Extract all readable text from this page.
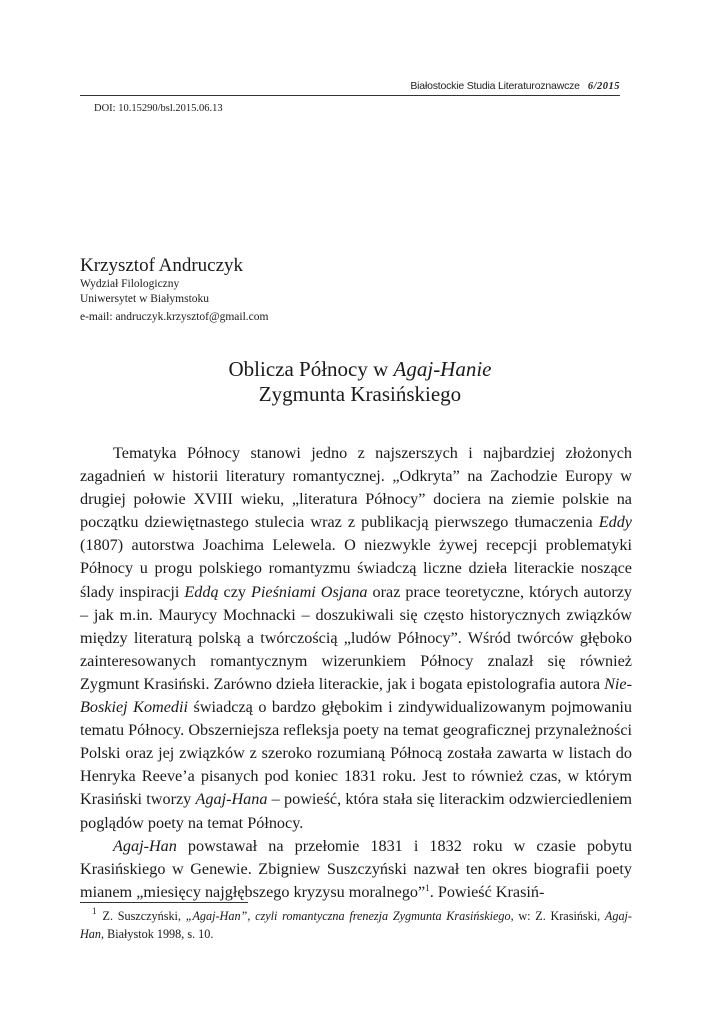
Białostockie Studia Literaturoznawcze 6/2015
DOI: 10.15290/bsl.2015.06.13
Krzysztof Andruczyk
Wydział Filologiczny
Uniwersytet w Białymstoku
e-mail: andruczyk.krzysztof@gmail.com
Oblicza Północy w Agaj-Hanie
Zygmunta Krasińskiego

Tematyka Północy stanowi jedno z najszerszych i najbardziej złożonych zagadnień w historii literatury romantycznej. „Odkryta” na Zachodzie Europy w drugiej połowie XVIII wieku, „literatura Północy” dociera na ziemie polskie na początku dziewiętnastego stulecia wraz z publikacją pierwszego tłumaczenia Eddy (1807) autorstwa Joachima Lelewela. O niezwykle żywej recepcji problematyki Północy u progu polskiego romantyzmu świadczą liczne dzieła literackie noszące ślady inspiracji Eddą czy Pieśniami Osjana oraz prace teoretyczne, których autorzy – jak m.in. Maurycy Mochnacki – doszukiwali się często historycznych związków między literaturą polską a twórczością „ludów Północy”. Wśród twórców głęboko zainteresowanych romantycznym wizerunkiem Północy znalazł się również Zygmunt Krasiński. Zarówno dzieła literackie, jak i bogata epistolografia autora Nie-Boskiej Komedii świadczą o bardzo głębokim i zindywidualizowanym pojmowaniu tematu Północy. Obszerniejsza refleksja poety na temat geograficznej przynależności Polski oraz jej związków z szeroko rozumianą Północą została zawarta w listach do Henryka Reeve’a pisanych pod koniec 1831 roku. Jest to również czas, w którym Krasiński tworzy Agaj-Hana – powieść, która stała się literackim odzwierciedleniem poglądów poety na temat Północy.

Agaj-Han powstawał na przełomie 1831 i 1832 roku w czasie pobytu Krasińskiego w Genewie. Zbigniew Suszczyński nazwał ten okres biografii poety mianem „miesięcy najgłębszego kryzysu moralnego”$^1$. Powieść Krasiń-

$^1$ Z. Suszczyński, „Agaj-Han”, czyli romantyczna frenezja Zygmunta Krasińskiego, w: Z. Krasiński, Agaj-Han, Białystok 1998, s. 10.
